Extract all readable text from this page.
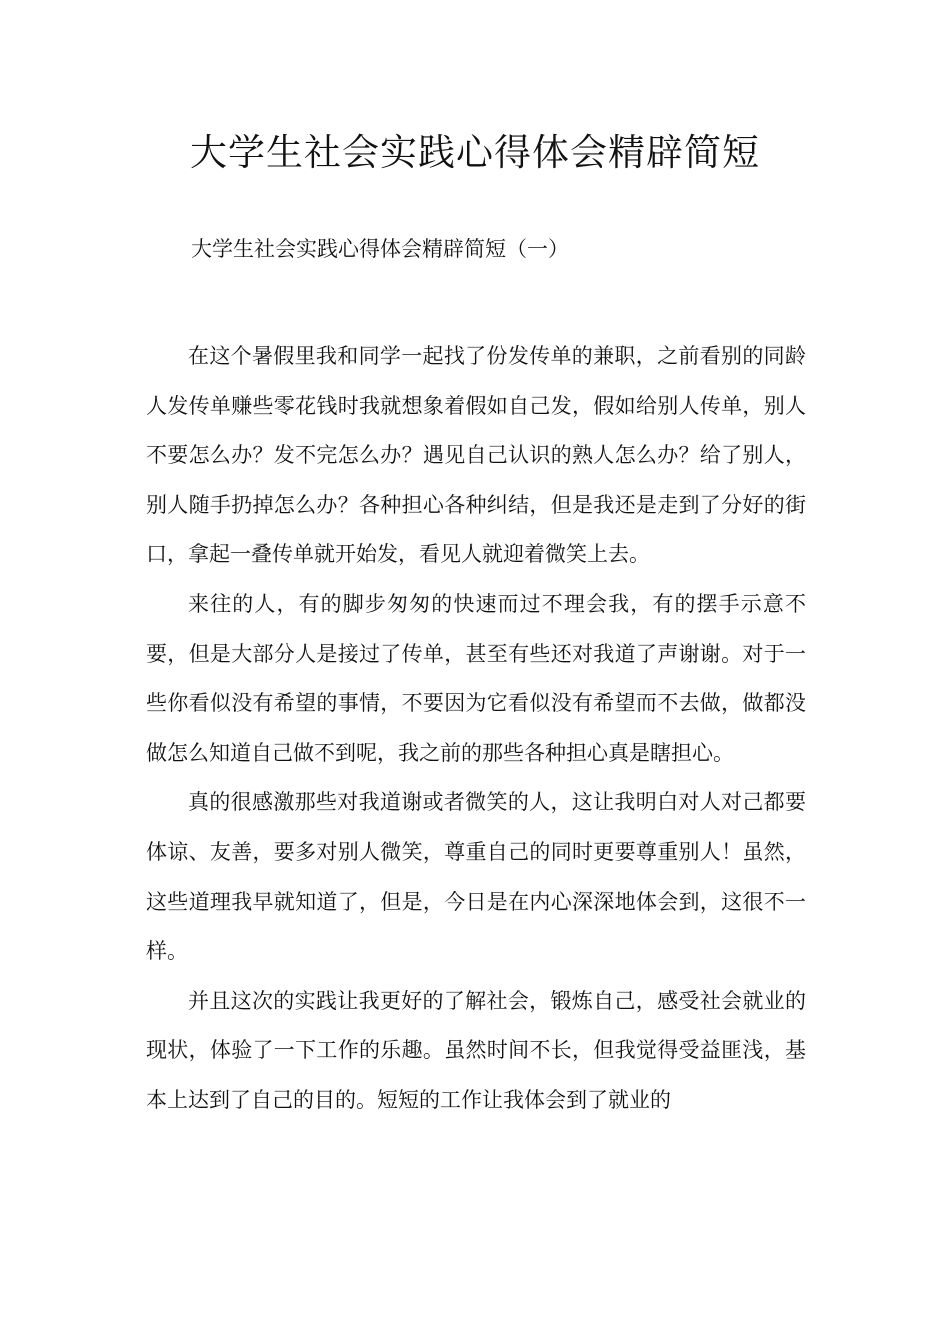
大学生社会实践心得体会精辟简短

大学生社会实践心得体会精辟简短（一）

在这个暑假里我和同学一起找了份发传单的兼职，之前看别的同龄人发传单赚些零花钱时我就想象着假如自己发，假如给别人传单，别人不要怎么办？发不完怎么办？遇见自己认识的熟人怎么办？给了别人，别人随手扔掉怎么办？各种担心各种纠结，但是我还是走到了分好的街口，拿起一叠传单就开始发，看见人就迎着微笑上去。

来往的人，有的脚步匆匆的快速而过不理会我，有的摆手示意不要，但是大部分人是接过了传单，甚至有些还对我道了声谢谢。对于一些你看似没有希望的事情，不要因为它看似没有希望而不去做，做都没做怎么知道自己做不到呢，我之前的那些各种担心真是瞎担心。

真的很感激那些对我道谢或者微笑的人，这让我明白对人对己都要体谅、友善，要多对别人微笑，尊重自己的同时更要尊重别人！虽然，这些道理我早就知道了，但是，今日是在内心深深地体会到，这很不一样。

并且这次的实践让我更好的了解社会，锻炼自己，感受社会就业的现状，体验了一下工作的乐趣。虽然时间不长，但我觉得受益匪浅，基本上达到了自己的目的。短短的工作让我体会到了就业的
